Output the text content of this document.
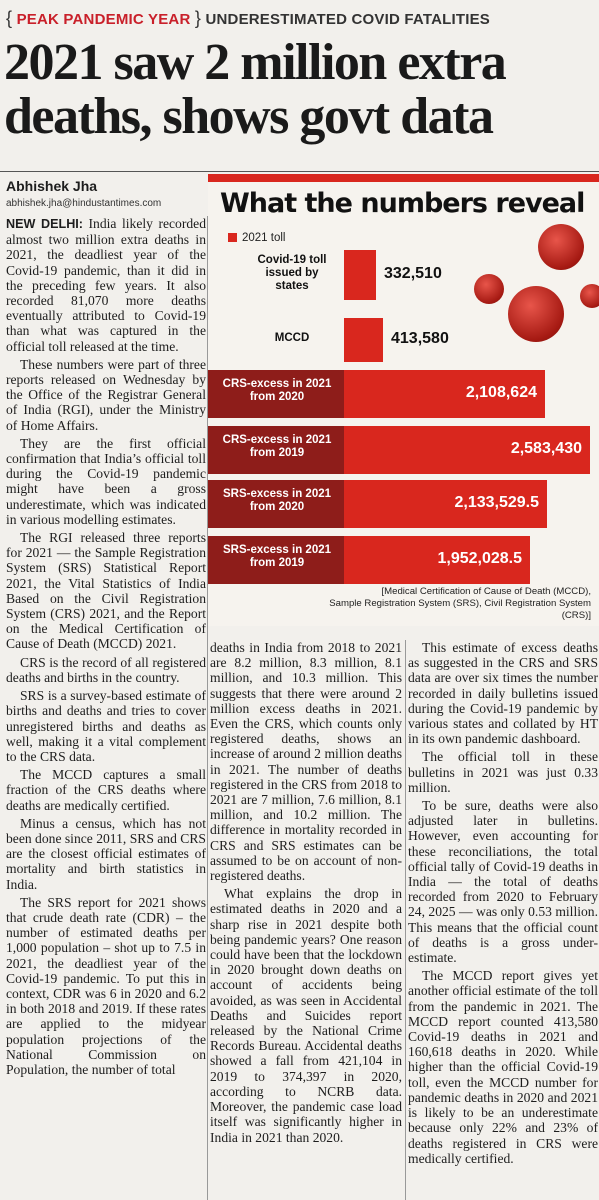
{ PEAK PANDEMIC YEAR } UNDERESTIMATED COVID FATALITIES
2021 saw 2 million extra
deaths, shows govt data
Abhishek Jha
abhishek.jha@hindustantimes.com

NEW DELHI: India likely recorded almost two million extra deaths in 2021, the deadliest year of the Covid-19 pandemic, than it did in the preceding few years. It also recorded 81,070 more deaths eventually attributed to Covid-19 than what was captured in the official toll released at the time.

These numbers were part of three reports released on Wednesday by the Office of the Registrar General of India (RGI), under the Ministry of Home Affairs.

They are the first official confirmation that India’s official toll during the Covid-19 pandemic might have been a gross underestimate, which was indicated in various modelling estimates.

The RGI released three reports for 2021 — the Sample Registration System (SRS) Statistical Report 2021, the Vital Statistics of India Based on the Civil Registration System (CRS) 2021, and the Report on the Medical Certification of Cause of Death (MCCD) 2021.

CRS is the record of all registered deaths and births in the country.

SRS is a survey-based estimate of births and deaths and tries to cover unregistered births and deaths as well, making it a vital complement to the CRS data.

The MCCD captures a small fraction of the CRS deaths where deaths are medically certified.

Minus a census, which has not been done since 2011, SRS and CRS are the closest official estimates of mortality and birth statistics in India.

The SRS report for 2021 shows that crude death rate (CDR) – the number of estimated deaths per 1,000 population – shot up to 7.5 in 2021, the deadliest year of the Covid-19 pandemic. To put this in context, CDR was 6 in 2020 and 6.2 in both 2018 and 2019. If these rates are applied to the midyear population projections of the National Commission on Population, the number of total

deaths in India from 2018 to 2021 are 8.2 million, 8.3 million, 8.1 million, and 10.3 million. This suggests that there were around 2 million excess deaths in 2021. Even the CRS, which counts only registered deaths, shows an increase of around 2 million deaths in 2021. The number of deaths registered in the CRS from 2018 to 2021 are 7 million, 7.6 million, 8.1 million, and 10.2 million. The difference in mortality recorded in CRS and SRS estimates can be assumed to be on account of non-registered deaths.

What explains the drop in estimated deaths in 2020 and a sharp rise in 2021 despite both being pandemic years? One reason could have been that the lockdown in 2020 brought down deaths on account of accidents being avoided, as was seen in Accidental Deaths and Suicides report released by the National Crime Records Bureau. Accidental deaths showed a fall from 421,104 in 2019 to 374,397 in 2020, according to NCRB data. Moreover, the pandemic case load itself was significantly higher in India in 2021 than 2020.

This estimate of excess deaths as suggested in the CRS and SRS data are over six times the number recorded in daily bulletins issued during the Covid-19 pandemic by various states and collated by HT in its own pandemic dashboard.

The official toll in these bulletins in 2021 was just 0.33 million.

To be sure, deaths were also adjusted later in bulletins. However, even accounting for these reconciliations, the total official tally of Covid-19 deaths in India — the total of deaths recorded from 2020 to February 24, 2025 — was only 0.53 million. This means that the official count of deaths is a gross under-estimate.

The MCCD report gives yet another official estimate of the toll from the pandemic in 2021. The MCCD report counted 413,580 Covid-19 deaths in 2021 and 160,618 deaths in 2020. While higher than the official Covid-19 toll, even the MCCD number for pandemic deaths in 2020 and 2021 is likely to be an underestimate because only 22% and 23% of deaths registered in CRS were medically certified.

What the numbers reveal
2021 toll
Covid-19 toll issued by states
332,510
MCCD	413,580
CRS-excess in 2021 from 2020	2,108,624
CRS-excess in 2021 from 2019	2,583,430
SRS-excess in 2021 from 2020	2,133,529.5
SRS-excess in 2021 from 2019	1,952,028.5
[Medical Certification of Cause of Death (MCCD),
Sample Registration System (SRS), Civil Registration System (CRS)]
